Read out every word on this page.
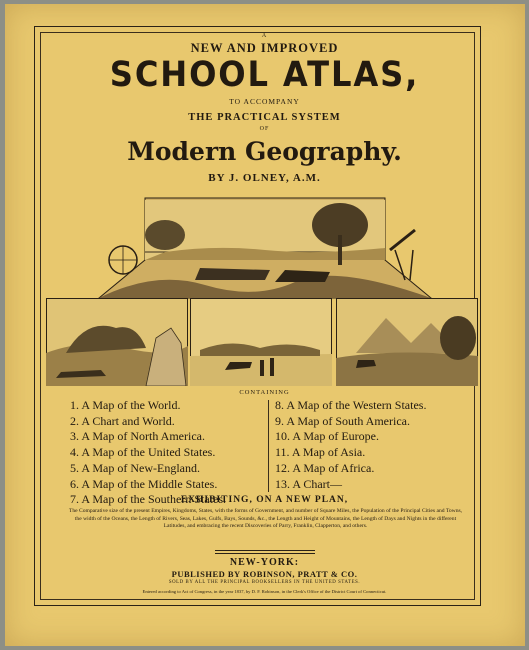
A
NEW AND IMPROVED
SCHOOL ATLAS,
TO ACCOMPANY
THE PRACTICAL SYSTEM
OF
Modern Geography.
BY J. OLNEY, A.M.
CONTAINING
1. A Map of the World.
2. A Chart and World.
3. A Map of North America.
4. A Map of the United States.
5. A Map of New-England.
6. A Map of the Middle States.
7. A Map of the Southern States.
8. A Map of the Western States.
9. A Map of South America.
10. A Map of Europe.
11. A Map of Asia.
12. A Map of Africa.
13. A Chart—
EXHIBITING, ON A NEW PLAN,
The Comparative size of the present Empires, Kingdoms, States, with the forms of Government, and number of Square Miles, the Population of the Principal Cities and Towns, the width of the Oceans, the Length of Rivers, Seas, Lakes, Gulfs, Bays, Sounds, &c., the Length and Height of Mountains, the Length of Days and Nights in the different Latitudes, and embracing the recent Discoveries of Parry, Franklin, Clapperton, and others.
NEW-YORK:
PUBLISHED BY ROBINSON, PRATT & CO.
SOLD BY ALL THE PRINCIPAL BOOKSELLERS IN THE UNITED STATES.
Entered according to Act of Congress, in the year 1837, by D. F. Robinson, in the Clerk's Office of the District Court of Connecticut.
